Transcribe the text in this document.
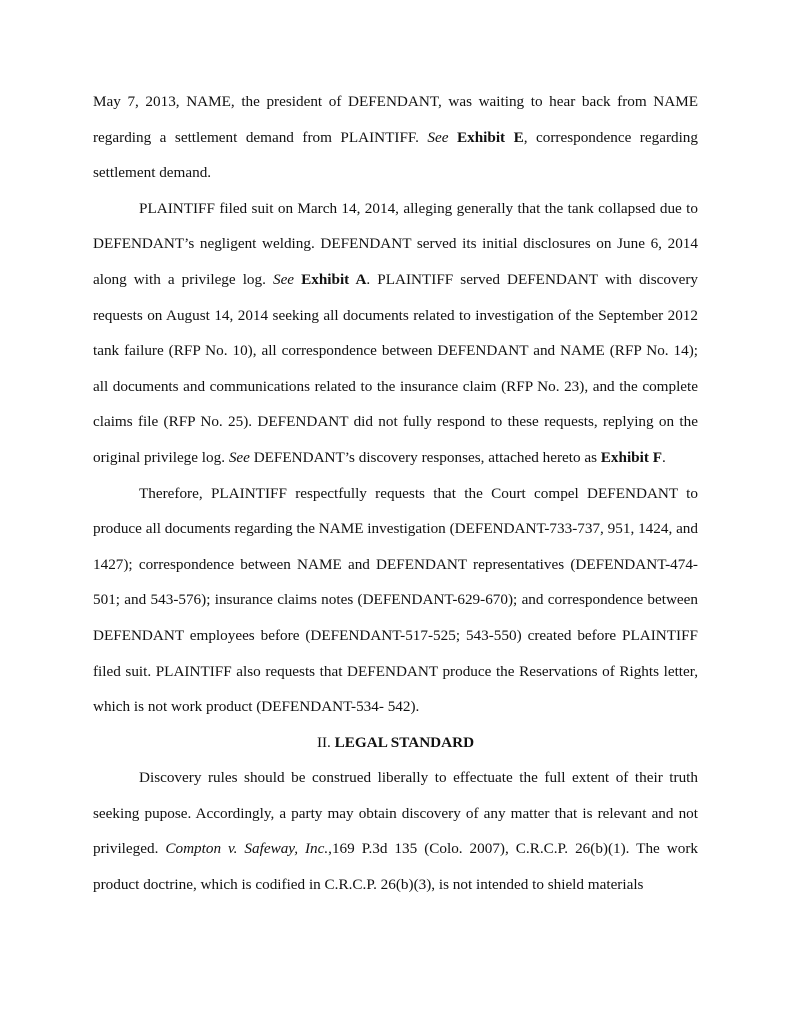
May 7, 2013, NAME, the president of DEFENDANT, was waiting to hear back from NAME regarding a settlement demand from PLAINTIFF. See Exhibit E, correspondence regarding settlement demand.

PLAINTIFF filed suit on March 14, 2014, alleging generally that the tank collapsed due to DEFENDANT’s negligent welding. DEFENDANT served its initial disclosures on June 6, 2014 along with a privilege log. See Exhibit A. PLAINTIFF served DEFENDANT with discovery requests on August 14, 2014 seeking all documents related to investigation of the September 2012 tank failure (RFP No. 10), all correspondence between DEFENDANT and NAME (RFP No. 14); all documents and communications related to the insurance claim (RFP No. 23), and the complete claims file (RFP No. 25). DEFENDANT did not fully respond to these requests, replying on the original privilege log. See DEFENDANT’s discovery responses, attached hereto as Exhibit F.

Therefore, PLAINTIFF respectfully requests that the Court compel DEFENDANT to produce all documents regarding the NAME investigation (DEFENDANT-733-737, 951, 1424, and 1427); correspondence between NAME and DEFENDANT representatives (DEFENDANT-474-501; and 543-576); insurance claims notes (DEFENDANT-629-670); and correspondence between DEFENDANT employees before (DEFENDANT-517-525; 543-550) created before PLAINTIFF filed suit. PLAINTIFF also requests that DEFENDANT produce the Reservations of Rights letter, which is not work product (DEFENDANT-534- 542).

II. LEGAL STANDARD

Discovery rules should be construed liberally to effectuate the full extent of their truth seeking pupose. Accordingly, a party may obtain discovery of any matter that is relevant and not privileged. Compton v. Safeway, Inc.,169 P.3d 135 (Colo. 2007), C.R.C.P. 26(b)(1). The work product doctrine, which is codified in C.R.C.P. 26(b)(3), is not intended to shield materials
